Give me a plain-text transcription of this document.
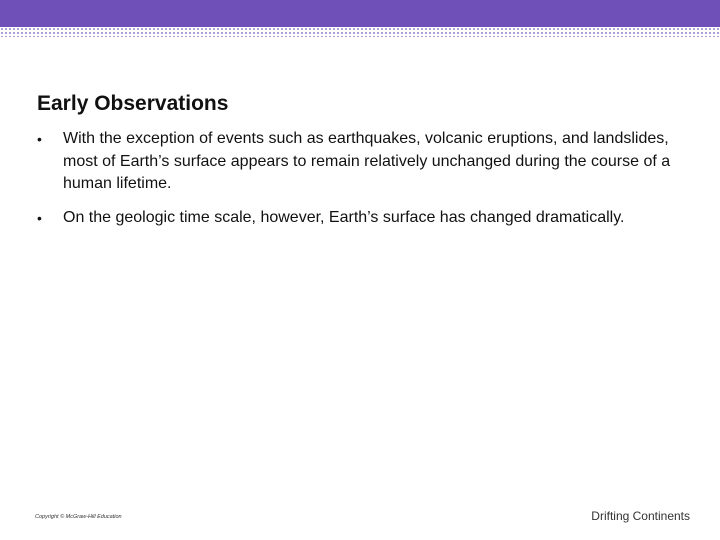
Early Observations
• With the exception of events such as earthquakes, volcanic eruptions, and landslides, most of Earth’s surface appears to remain relatively unchanged during the course of a human lifetime.
• On the geologic time scale, however, Earth’s surface has changed dramatically.
Copyright © McGraw-Hill Education	Drifting Continents
